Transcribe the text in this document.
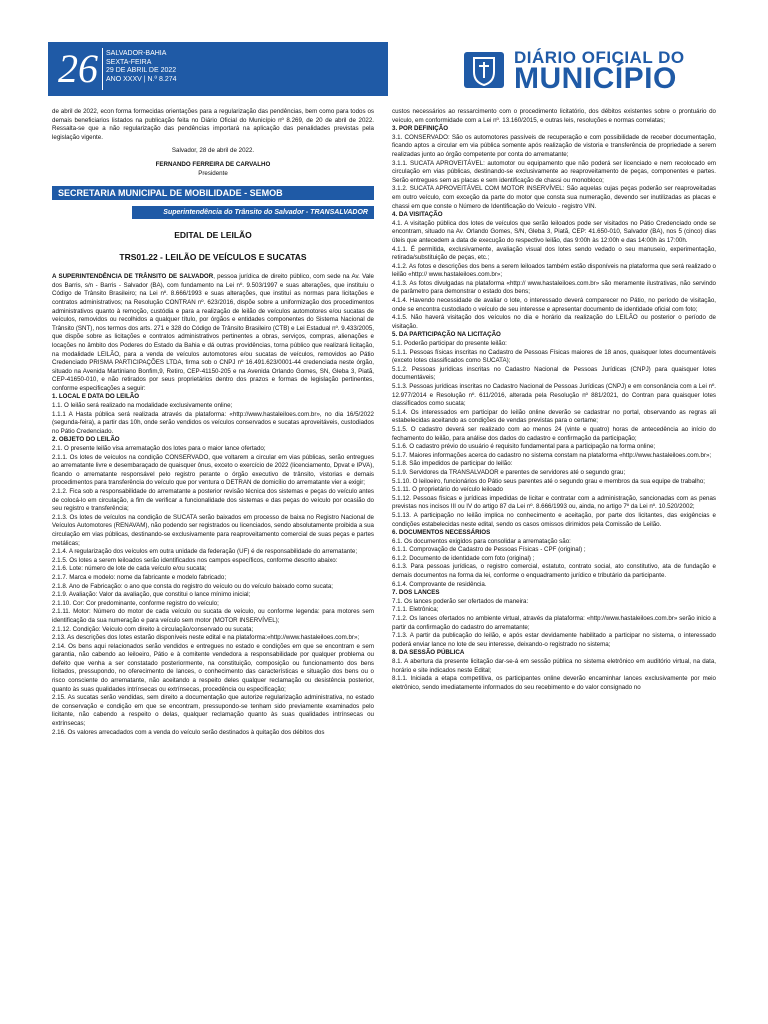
26 SALVADOR-BAHIA
SEXTA-FEIRA
29 DE ABRIL DE 2022
ANO XXXV | N.º 8.274
DIÁRIO OFICIAL DO
MUNICÍPIO

de abril de 2022, econ forma formecidas orientações para a regularização das pendências, bem como para todos os demais beneficiarios listados na publicação feita no Diário Oficial do Município nº 8.269, de 20 de abril de 2022. Ressalta-se que a não regularização das pendências importará na aplicação das penalidades previstas pela legislação vigente.

Salvador, 28 de abril de 2022.

FERNANDO FERREIRA DE CARVALHO

Presidente

SECRETARIA MUNICIPAL DE MOBILIDADE - SEMOB
Superintendência do Trânsito do Salvador - TRANSALVADOR
EDITAL DE LEILÃO
TRS01.22 - LEILÃO DE VEÍCULOS E SUCATAS

A SUPERINTENDÊNCIA DE TRÂNSITO DE SALVADOR, pessoa jurídica de direito público, com sede na Av. Vale dos Barris, s/n - Barris - Salvador (BA), com fundamento na Lei nº. 9.503/1997 e suas alterações, que instituiu o Código de Trânsito Brasileiro; na Lei nº. 8.666/1993 e suas alterações, que instituí as normas para licitações e contratos administrativos; na Resolução CONTRAN nº. 623/2016, dispõe sobre a uniformização dos procedimentos administrativos quanto à remoção, custódia e para a realização de leilão de veículos automotores e/ou sucatas de veículos, removidos ou recolhidos a qualquer título, por órgãos e entidades componentes do Sistema Nacional de Trânsito (SNT), nos termos dos arts. 271 e 328 do Código de Trânsito Brasileiro (CTB) e Lei Estadual nº. 9.433/2005, que dispõe sobre as licitações e contratos administrativos pertinentes a obras, serviços, compras, alienações e locações no âmbito dos Poderes do Estado da Bahia e dá outras providências, torna público que realizará licitação, na modalidade LEILÃO, para a venda de veículos automotores e/ou sucatas de veículos, removidos ao Pátio Credenciado PRISMA PARTICIPAÇÕES LTDA, firma sob o CNPJ nº 16.491.623/0001-44 credenciada neste órgão, situado na Avenida Martiniano Bonfim,9, Retiro, CEP-41150-205 e na Avenida Orlando Gomes, SN, Gleba 3, Piatã, CEP-41650-010, e não retirados por seus proprietários dentro dos prazos e formas de legislação pertinentes, conforme especificações a seguir:

1. LOCAL E DATA DO LEILÃO

1.1. O leilão será realizado na modalidade exclusivamente online;

1.1.1 A Hasta pública será realizada através da plataforma: «http://www.hastaleiloes.com.br», no dia 16/5/2022 (segunda-feira), a partir das 10h, onde serão vendidos os veículos conservados e sucatas aproveitáveis, custodiados no Pátio Credenciado.

2. OBJETO DO LEILÃO

2.1. O presente leilão visa arrematação dos lotes para o maior lance ofertado;

2.1.1. Os lotes de veículos na condição CONSERVADO, que voltarem a circular em vias públicas, serão entregues ao arrematante livre e desembaraçado de quaisquer ônus, exceto o exercício de 2022 (licenciamento, Dpvat e IPVA), ficando o arrematante responsável pelo registro perante o órgão executivo de trânsito, vistorias e demais procedimentos para transferência do veículo que por ventura o DETRAN de domicílio do arrematante vier a exigir;

2.1.2. Fica sob a responsabilidade do arrematante a posterior revisão técnica dos sistemas e peças do veículo antes de colocá-lo em circulação, a fim de verificar a funcionalidade dos sistemas e das peças do veículo por ocasião do seu registro e transferência;

2.1.3. Os lotes de veículos na condição de SUCATA serão baixados em processo de baixa no Registro Nacional de Veículos Automotores (RENAVAM), não podendo ser registrados ou licenciados, sendo absolutamente proibida a sua circulação em vias públicas, destinando-se exclusivamente para reaproveitamento comercial de suas peças e partes metálicas;

2.1.4. A regularização dos veículos em outra unidade da federação (UF) é de responsabilidade do arrematante;

2.1.5. Os lotes a serem leiloados serão identificados nos campos específicos, conforme descrito abaixo:

2.1.6. Lote: número de lote de cada veículo e/ou sucata;

2.1.7. Marca e modelo: nome da fabricante e modelo fabricado;

2.1.8. Ano de Fabricação: o ano que consta do registro do veículo ou do veículo baixado como sucata;

2.1.9. Avaliação: Valor da avaliação, que constitui o lance mínimo inicial;

2.1.10. Cor: Cor predominante, conforme registro do veículo;

2.1.11. Motor: Número do motor de cada veículo ou sucata de veículo, ou conforme legenda: para motores sem identificação da sua numeração e para veículo sem motor (MOTOR INSERVÍVEL);

2.1.12. Condição: Veículo com direito à circulação/conservado ou sucata;

2.13. As descrições dos lotes estarão disponíveis neste edital e na plataforma:«http://www.hastaleiloes.com.br»;

2.14. Os bens aqui relacionados serão vendidos e entregues no estado e condições em que se encontram e sem garantia, não cabendo ao leiloeiro, Pátio e à comitente vendedora a responsabilidade por qualquer problema ou defeito que venha a ser constatado posteriormente, na constituição, composição ou funcionamento dos bens licitados, pressupondo, no oferecimento de lances, o conhecimento das características e situação dos bens ou o risco consciente do arrematante, não aceitando a respeito deles qualquer reclamação ou desistência posterior, quanto às suas qualidades intrínsecas ou extrínsecas, procedência ou especificação;

2.15. As sucatas serão vendidas, sem direito a documentação que autorize regularização administrativa, no estado de conservação e condição em que se encontram, pressupondo-se tenham sido previamente examinados pelo licitante, não cabendo a respeito o delas, qualquer reclamação quanto às suas qualidades intrínsecas ou extrínsecas;

2.16. Os valores arrecadados com a venda do veículo serão destinados à quitação dos débitos dos

custos necessários ao ressarcimento com o procedimento licitatório, dos débitos existentes sobre o prontuário do veículo, em conformidade com a Lei nº. 13.160/2015, e outras leis, resoluções e normas correlatas;

3. POR DEFINIÇÃO

3.1. CONSERVADO: São os automotores passíveis de recuperação e com possibilidade de receber documentação, ficando aptos a circular em via pública somente após realização de vistoria e transferência de propriedade a serem realizadas junto ao órgão competente por conta do arrematante;

3.1.1. SUCATA APROVEITÁVEL: automotor ou equipamento que não poderá ser licenciado e nem recolocado em circulação em vias públicas, destinando-se exclusivamente ao reaproveitamento de peças, componentes e partes. Serão entregues sem as placas e sem identificação de chassi ou monobloco;

3.1.2. SUCATA APROVEITÁVEL COM MOTOR INSERVÍVEL: São aquelas cujas peças poderão ser reaproveitadas em outro veículo, com exceção da parte do motor que consta sua numeração, devendo ser inutilizadas as placas e chassi em que conste o Número de Identificação do Veículo - registro VIN.

4. DA VISITAÇÃO

4.1. A visitação pública dos lotes de veículos que serão leiloados pode ser visitados no Pátio Credenciado onde se encontram, situado na Av. Orlando Gomes, S/N, Gleba 3, Piatã, CEP: 41.650-010, Salvador (BA), nos 5 (cinco) dias úteis que antecedem a data de execução do respectivo leilão, das 9:00h às 12:00h e das 14:00h às 17:00h.

4.1.1. É permitida, exclusivamente, avaliação visual dos lotes sendo vedado o seu manuseio, experimentação, retirada/substituição de peças, etc.;

4.1.2. As fotos e descrições dos bens a serem leiloados também estão disponíveis na plataforma que será realizado o leilão «http:// www.hastaleiloes.com.br»;

4.1.3. As fotos divulgadas na plataforma «http:// www.hastaleiloes.com.br» são meramente ilustrativas, não servindo de parâmetro para demonstrar o estado dos bens;

4.1.4. Havendo necessidade de avaliar o lote, o interessado deverá comparecer no Pátio, no período de visitação, onde se encontra custodiado o veículo de seu interesse e apresentar documento de identidade oficial com foto;

4.1.5. Não haverá visitação dos veículos no dia e horário da realização do LEILÃO ou posterior o período de visitação.

5. DA PARTICIPAÇÃO NA LICITAÇÃO

5.1. Poderão participar do presente leilão:

5.1.1. Pessoas físicas inscritas no Cadastro de Pessoas Físicas maiores de 18 anos, quaisquer lotes documentáveis (exceto lotes classificados como SUCATA);

5.1.2. Pessoas jurídicas inscritas no Cadastro Nacional de Pessoas Jurídicas (CNPJ) para quaisquer lotes documentáveis;

5.1.3. Pessoas jurídicas inscritas no Cadastro Nacional de Pessoas Jurídicas (CNPJ) e em consonância com a Lei nº. 12.977/2014 e Resolução nº. 611/2016, alterada pela Resolução nº 881/2021, do Contran para quaisquer lotes classificados como sucata;

5.1.4. Os interessados em participar do leilão online deverão se cadastrar no portal, observando as regras ali estabelecidas aceitando as condições de vendas previstas para o certame;

5.1.5. O cadastro deverá ser realizado com ao menos 24 (vinte e quatro) horas de antecedência ao início do fechamento do leilão, para análise dos dados do cadastro e confirmação da participação;

5.1.6. O cadastro prévio do usuário é requisito fundamental para a participação na forma online;

5.1.7. Maiores informações acerca do cadastro no sistema constam na plataforma «http://www.hastaleiloes.com.br»;

5.1.8. São impedidos de participar do leilão:

5.1.9. Servidores da TRANSALVADOR e parentes de servidores até o segundo grau;

5.1.10. O leiloeiro, funcionários do Pátio seus parentes até o segundo grau e membros da sua equipe de trabalho;

5.1.11. O proprietário do veículo leiloado

5.1.12. Pessoas físicas e jurídicas impedidas de licitar e contratar com a administração, sancionadas com as penas previstas nos incisos III ou IV do artigo 87 da Lei nº. 8.666/1993 ou, ainda, no artigo 7º da Lei nº. 10.520/2002;

5.1.13. A participação no leilão implica no conhecimento e aceitação, por parte dos licitantes, das exigências e condições estabelecidas neste edital, sendo os casos omissos dirimidos pela Comissão de Leilão.

6. DOCUMENTOS NECESSÁRIOS

6.1. Os documentos exigidos para consolidar a arrematação são:

6.1.1. Comprovação de Cadastro de Pessoas Físicas - CPF (original) ;

6.1.2. Documento de identidade com foto (original) ;

6.1.3. Para pessoas jurídicas, o registro comercial, estatuto, contrato social, ato constitutivo, ata de fundação e demais documentos na forma da lei, conforme o enquadramento jurídico e tributário da participante.

6.1.4. Comprovante de residência.

7. DOS LANCES

7.1. Os lances poderão ser ofertados de maneira:

7.1.1. Eletrônica;

7.1.2. Os lances ofertados no ambiente virtual, através da plataforma: «http://www.hastaleiloes.com.br» serão inicio a partir da confirmação do cadastro do arrematante;

7.1.3. A partir da publicação do leilão, e após estar devidamente habilitado a participar no sistema, o interessado poderá enviar lance no lote de seu interesse, deixando-o registrado no sistema;

8. DA SESSÃO PÚBLICA

8.1. A abertura da presente licitação dar-se-á em sessão pública no sistema eletrônico em auditório virtual, na data, horário e site indicados neste Edital;

8.1.1. Iniciada a etapa competitiva, os participantes online deverão encaminhar lances exclusivamente por meio eletrônico, sendo imediatamente informados do seu recebimento e do valor consignado no
